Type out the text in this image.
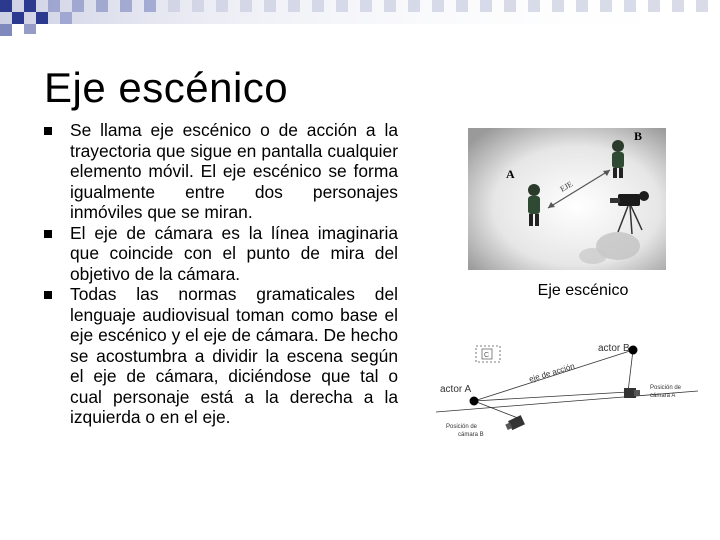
Eje escénico
Se llama eje escénico o de acción a la trayectoria que sigue en pantalla cualquier elemento móvil. El eje escénico se forma igualmente entre dos personajes inmóviles que se miran.
El eje de cámara es la línea imaginaria que coincide con el punto de mira del objetivo de la cámara.
Todas las normas gramaticales del lenguaje audiovisual toman como base el eje escénico y el eje de cámara. De hecho se acostumbra a dividir la escena según el eje de cámara, diciéndose que tal o cual personaje está a la derecha a la izquierda o en el eje.
EJE
A
B
Eje escénico
C
actor A
actor B
eje de acción
Posición de
cámara A
Posición de
cámara B
